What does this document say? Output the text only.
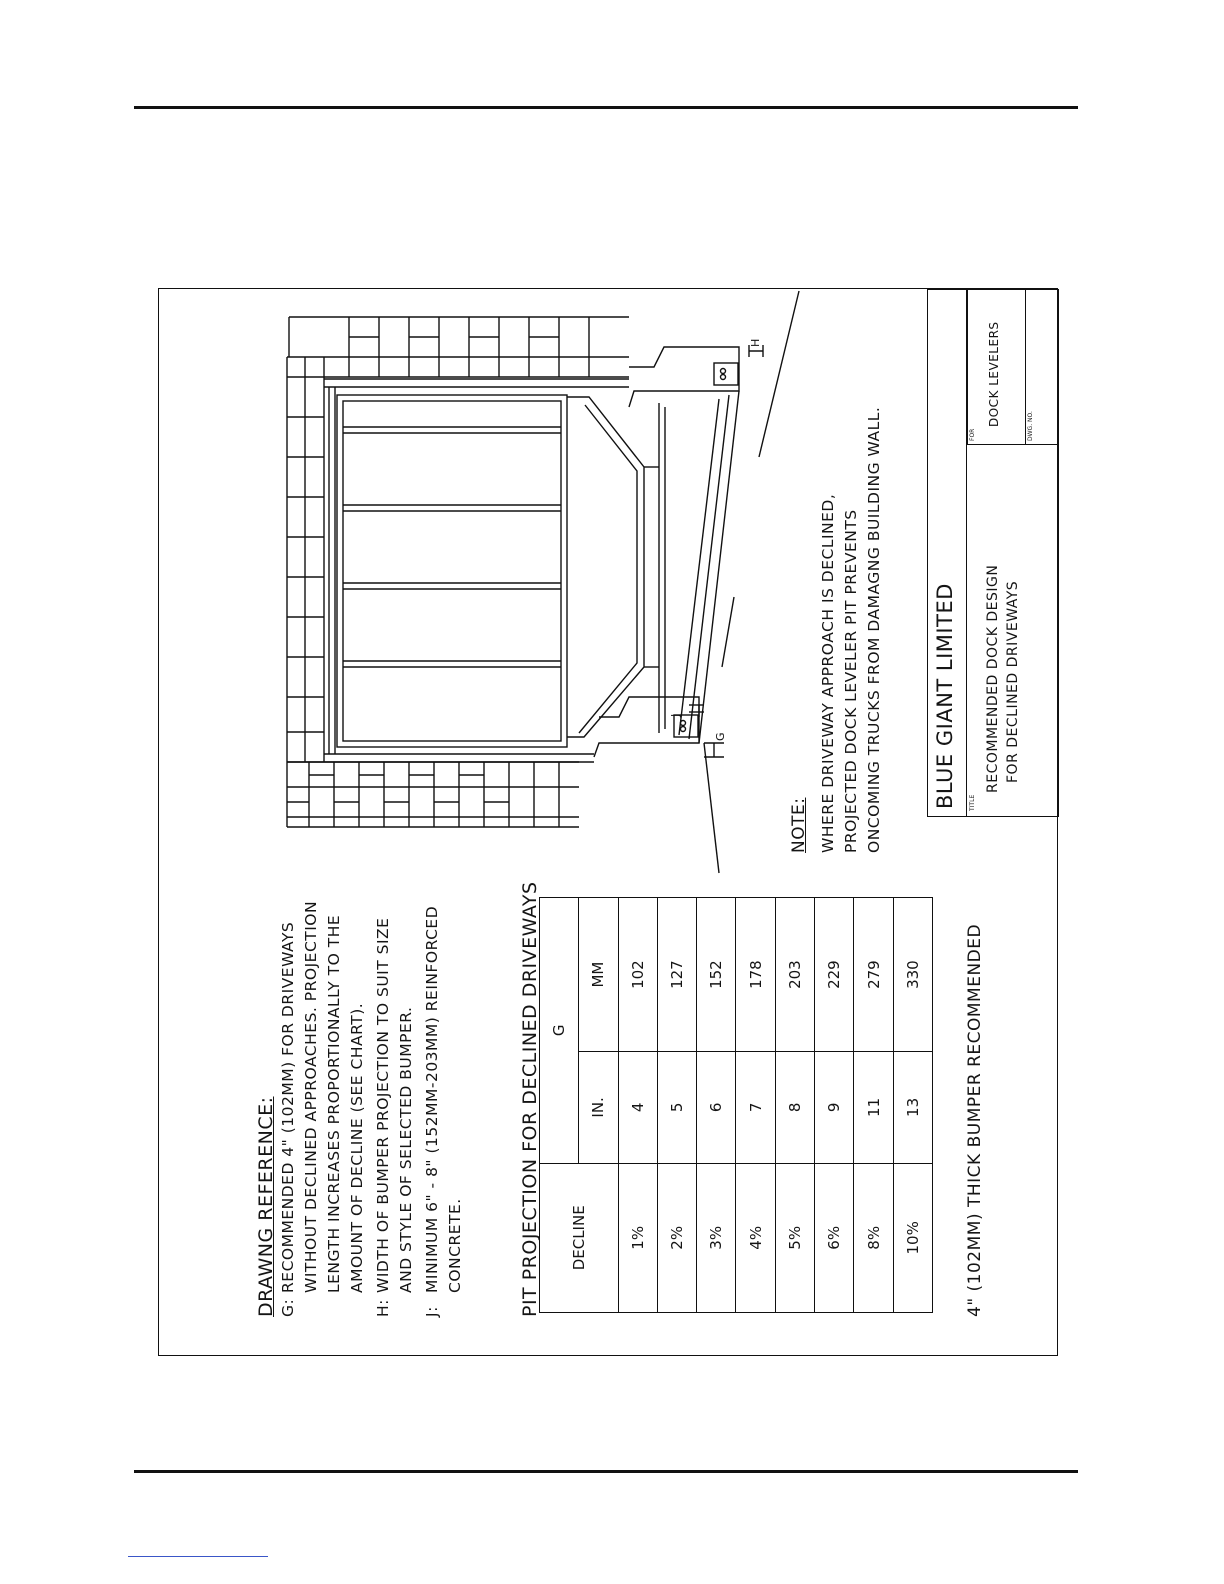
DRAWNG REFERENCE: G:
RECOMMENDED 4" (102MM) FOR DRIVEWAYS WITHOUT DECLINED APPROACHES. PROJECTION LENGTH INCREASES PROPORTIONALLY TO THE AMOUNT OF DECLINE (SEE CHART).
H:
WIDTH OF BUMPER PROJECTION TO SUIT SIZE AND STYLE OF SELECTED BUMPER.
J:
MINIMUM 6" - 8" (152MM-203MM) REINFORCED CONCRETE.	PIT PROJECTION FOR DECLINED DRIVEWAYS DECLINE	G	
	IN.	MM
1%	4	102
2%	5	127
3%	6	152
4%	7	178
5%	8	203
6%	9	229
8%	11	279
10%	13	330	4" (102MM) THICK BUMPER RECOMMENDED
G
J
H
NOTE: WHERE DRIVEWAY APPROACH IS DECLINED, PROJECTED DOCK LEVELER PIT PREVENTS ONCOMING TRUCKS FROM DAMAGNG BUILDING WALL. BLUE GIANT LIMITED TITLE
RECOMMENDED DOCK DESIGN FOR DECLINED DRIVEWAYS
FOR
DOCK LEVELERS	DWG. NO.
